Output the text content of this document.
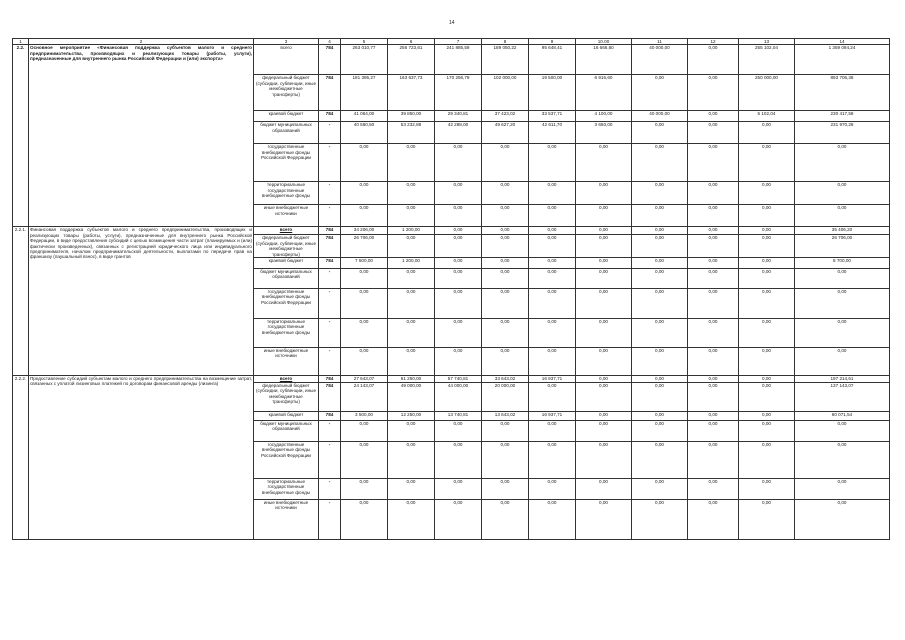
14
1	2	3	4	5	6	7	8	9	10.00	11	12	13	14
2.2.	Основное мероприятие «Финансовая поддержка субъектов малого и среднего предпринимательства, производящих и реализующих товары (работы, услуги), предназначенные для внутреннего рынка Российской Федерации и (или) экспорта»	всего	784	263 010,77	256 723,61	241 885,59	189 050,22	95 648,41	16 666,60	40 000,00	0,00	255 102,04	1 359 094,24
		федеральный бюджет (субсидии, субвенции, иные межбюджетные трансферты)	784	181 395,27	163 637,73	170 256,79	102 000,00	19 500,00	6 916,60	0,00	0,00	250 000,00	893 706,38
		краевой бюджет	784	41 064,00	39 850,00	29 340,81	37 423,02	33 537,71	4 100,00	40 000,00	0,00	5 102,04	230 417,58
		бюджет муниципальных образований	-	40 560,50	53 232,88	42 288,00	49 627,20	42 611,70	3 650,00	0,00	0,00	0,00	231 970,28
		государственные внебюджетные фонды Российской Федерации	-	0,00	0,00	0,00	0,00	0,00	0,00	0,00	0,00	0,00	0,00
		территориальные государственные внебюджетные фонды	-	0,00	0,00	0,00	0,00	0,00	0,00	0,00	0,00	0,00	0,00
		иные внебюджетные источники	-	0,00	0,00	0,00	0,00	0,00	0,00	0,00	0,00	0,00	0,00
2.2.1.	Финансовая поддержка субъектов малого и среднего предпринимательства, производящих и реализующих товары (работы, услуги), предназначенные для внутреннего рынка Российской Федерации, в виде предоставления субсидий с целью возмещения части затрат (планируемых и (или) фактически произведенных), связанных с регистрацией юридического лица или индивидуального предпринимателя, началом предпринимательской деятельности, выплатами по передаче прав на франшизу (паушальный взнос), в виде грантов	всего	784	34 206,00	1 200,00	0,00	0,00	0,00	0,00	0,00	0,00	0,00	35 406,20
		федеральный бюджет (субсидии, субвенции, иные межбюджетные трансферты)	784	26 706,00	0,00	0,00	0,00	0,00	0,00	0,00	0,00	0,00	26 706,00
		краевой бюджет	784	7 500,00	1 200,00	0,00	0,00	0,00	0,00	0,00	0,00	0,00	8 700,00
		бюджет муниципальных образований	-	0,00	0,00	0,00	0,00	0,00	0,00	0,00	0,00	0,00	0,00
		государственные внебюджетные фонды Российской Федерации	-	0,00	0,00	0,00	0,00	0,00	0,00	0,00	0,00	0,00	0,00
		территориальные государственные внебюджетные фонды	-	0,00	0,00	0,00	0,00	0,00	0,00	0,00	0,00	0,00	0,00
		иные внебюджетные источники	-	0,00	0,00	0,00	0,00	0,00	0,00	0,00	0,00	0,00	0,00
2.2.2.	Предоставление субсидий субъектам малого и среднего предпринимательства на возмещение затрат, связанных с уплатой лизинговых платежей по договорам финансовой аренды (лизинга)	всего	784	27 643,07	61 250,00	57 740,81	33 643,02	16 937,71	0,00	0,00	0,00	0,00	197 214,61
		федеральный бюджет (субсидии, субвенции, иные межбюджетные трансферты)	784	24 143,07	49 000,00	44 000,00	20 000,00	0,00	0,00	0,00	0,00	0,00	137 143,07
		краевой бюджет	784	3 500,00	12 250,00	13 740,81	13 643,02	16 937,71	0,00	0,00	0,00	0,00	60 071,54
		бюджет муниципальных образований	-	0,00	0,00	0,00	0,00	0,00	0,00	0,00	0,00	0,00	0,00
		государственные внебюджетные фонды Российской Федерации	-	0,00	0,00	0,00	0,00	0,00	0,00	0,00	0,00	0,00	0,00
		территориальные государственные внебюджетные фонды	-	0,00	0,00	0,00	0,00	0,00	0,00	0,00	0,00	0,00	0,00
		иные внебюджетные источники	-	0,00	0,00	0,00	0,00	0,00	0,00	0,00	0,00	0,00	0,00
